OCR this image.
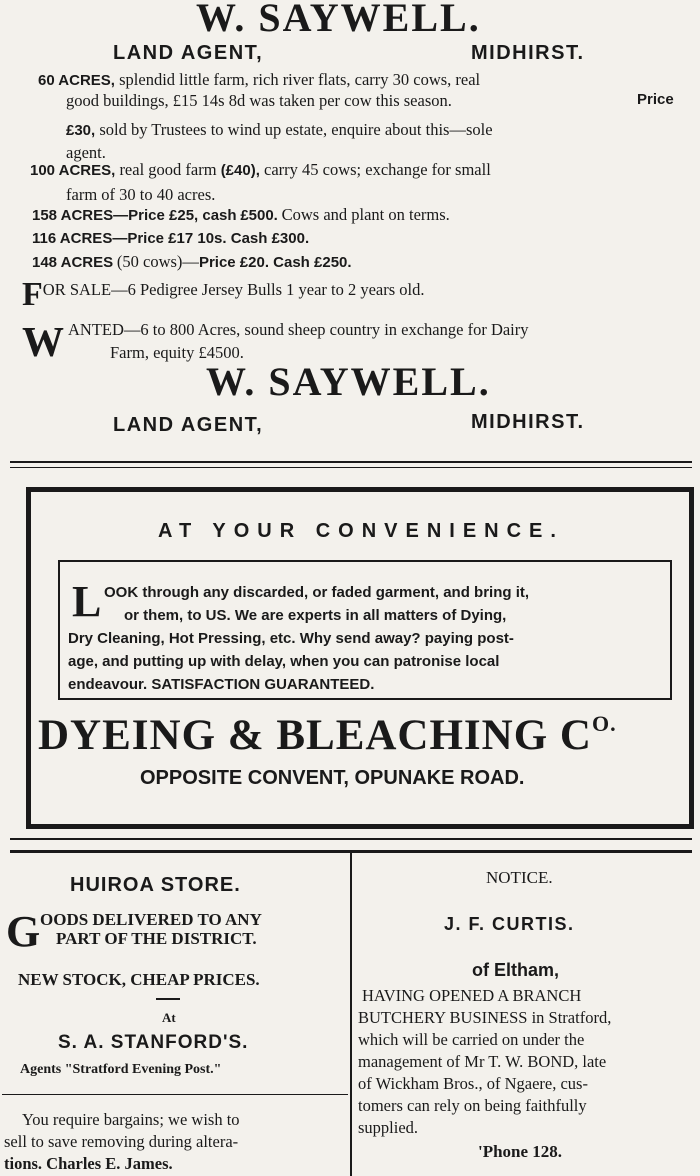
W. SAYWELL.
LAND AGENT,	MIDHIRST.
60 ACRES, splendid little farm, rich river flats, carry 30 cows, real
good buildings, £15 14s 8d was taken per cow this season.	Price
£30, sold by Trustees to wind up estate, enquire about this—sole
agent.
100 ACRES, real good farm (£40), carry 45 cows; exchange for small
farm of 30 to 40 acres.
158 ACRES—Price £25, cash £500. Cows and plant on terms.
116 ACRES—Price £17 10s. Cash £300.
148 ACRES (50 cows)—Price £20. Cash £250.
FOR SALE—6 Pedigree Jersey Bulls 1 year to 2 years old.
W ANTED—6 to 800 Acres, sound sheep country in exchange for Dairy
Farm, equity £4500.
W. SAYWELL.
LAND AGENT,	MIDHIRST.
AT YOUR CONVENIENCE.
L OOK through any discarded, or faded garment, and bring it,
or them, to US. We are experts in all matters of Dying,
Dry Cleaning, Hot Pressing, etc. Why send away? paying post-
age, and putting up with delay, when you can patronise local
endeavour. SATISFACTION GUARANTEED.
DYEING & BLEACHING $C^{O.}$
OPPOSITE CONVENT, OPUNAKE ROAD.
HUIROA STORE.
G OODS DELIVERED TO ANY
PART OF THE DISTRICT.
NEW STOCK, CHEAP PRICES.
At
S. A. STANFORD'S.
Agents "Stratford Evening Post."
You require bargains; we wish to
sell to save removing during altera-
tions. Charles E. James.
NOTICE.
J. F. CURTIS.
of Eltham,
HAVING OPENED A BRANCH
BUTCHERY BUSINESS in Stratford,
which will be carried on under the
management of Mr T. W. BOND, late
of Wickham Bros., of Ngaere, cus-
tomers can rely on being faithfully
supplied.
'Phone 128.
